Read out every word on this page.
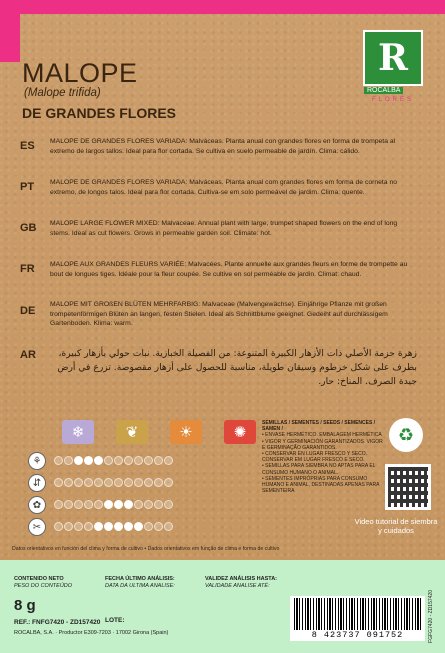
MALOPE
(Malope trifida)
DE GRANDES FLORES
R
ROCALBA
FLORES
ES MALOPE DE GRANDES FLORES VARIADA: Malváceas. Planta anual con grandes flores en forma de trompeta al extremo de largos tallos. Ideal para flor cortada. Se cultiva en suelo permeable de jardín. Clima: cálido.
PT MALOPE DE GRANDES FLORES VARIADA: Malváceas. Planta anual com grandes flores em forma de corneta no extremo, de longos talos. Ideal para flor cortada. Cultiva-se em solo permeável de jardim. Clima: quente.
GB MALOPE LARGE FLOWER MIXED: Malvaceae. Annual plant with large, trumpet shaped flowers on the end of long stems. Ideal as cut flowers. Grows in permeable garden soil. Climate: hot.
FR MALOPE AUX GRANDES FLEURS VARIÉE: Malvacées. Plante annuelle aux grandes fleurs en forme de trompette au bout de longues tiges. Idéale pour la fleur coupée. Se cultive en sol perméable de jardin. Climat: chaud.
DE
MALOPE MIT GROßEN BLÜTEN MEHRFARBIG: Malvaceae (Malvengewächse). Einjährige Pflanze mit großen trompetenförmigen Blüten an langen, festen Stielen. Ideal als Schnittblume geeignet. Gedeiht auf durchlässigem Gartenboden. Klima: warm.
AR	زهرة حزمة الأصلي ذات الأزهار الكبيرة المتنوعة: من الفصيلة الخبازية. نبات حولي بأزهار كبيرة، بطرف على شكل خرطوم وسيقان طويلة، مناسبة للحصول على أزهار مقصوصة. تزرع في أرض جيدة الصرف. المناخ: حار.
❄	❦	☀	✺
⚘
⇵
✿
✂
SEMILLAS / SEMENTES / SEEDS / SEMENCES / SAMEN /
• ENVASE HERMÉTICO. EMBALAGEM HERMÉTICA
• VIGOR Y GERMINACIÓN GARANTIZADOS. VIGOR E GERMINAÇÃO GARANTIDOS.
• CONSERVAR EN LUGAR FRESCO Y SECO. CONSERVAR EM LUGAR FRESCO E SECO.
• SEMILLAS PARA SIEMBRA NO APTAS PARA EL CONSUMO HUMANO O ANIMAL.
• SEMENTES IMPRÓPRIAS PARA CONSUMO HUMANO E ANIMAL, DESTINADAS APENAS PARA SEMENTEIRA
♻
Video tutorial de siembra y cuidados
Datos orientativos en función del clima y forma de cultivo • Dados orientativos em função de clima e forma de cultivo
CONTENIDO NETO
PESO DO CONTEÚDO
FECHA ÚLTIMO ANÁLISIS:
DATA DA ULTIMA ANALISE:
VALIDEZ ANÁLISIS HASTA:
VALIDADE ANALISE ATÉ:
8 g
REF.: FNFG7420 - ZD157420 LOTE:
ROCALBA, S.A. · Productor E309-7203 · 17002 Girona (Spain)	8 423737 091752	FGFG7420 - ZD157420
